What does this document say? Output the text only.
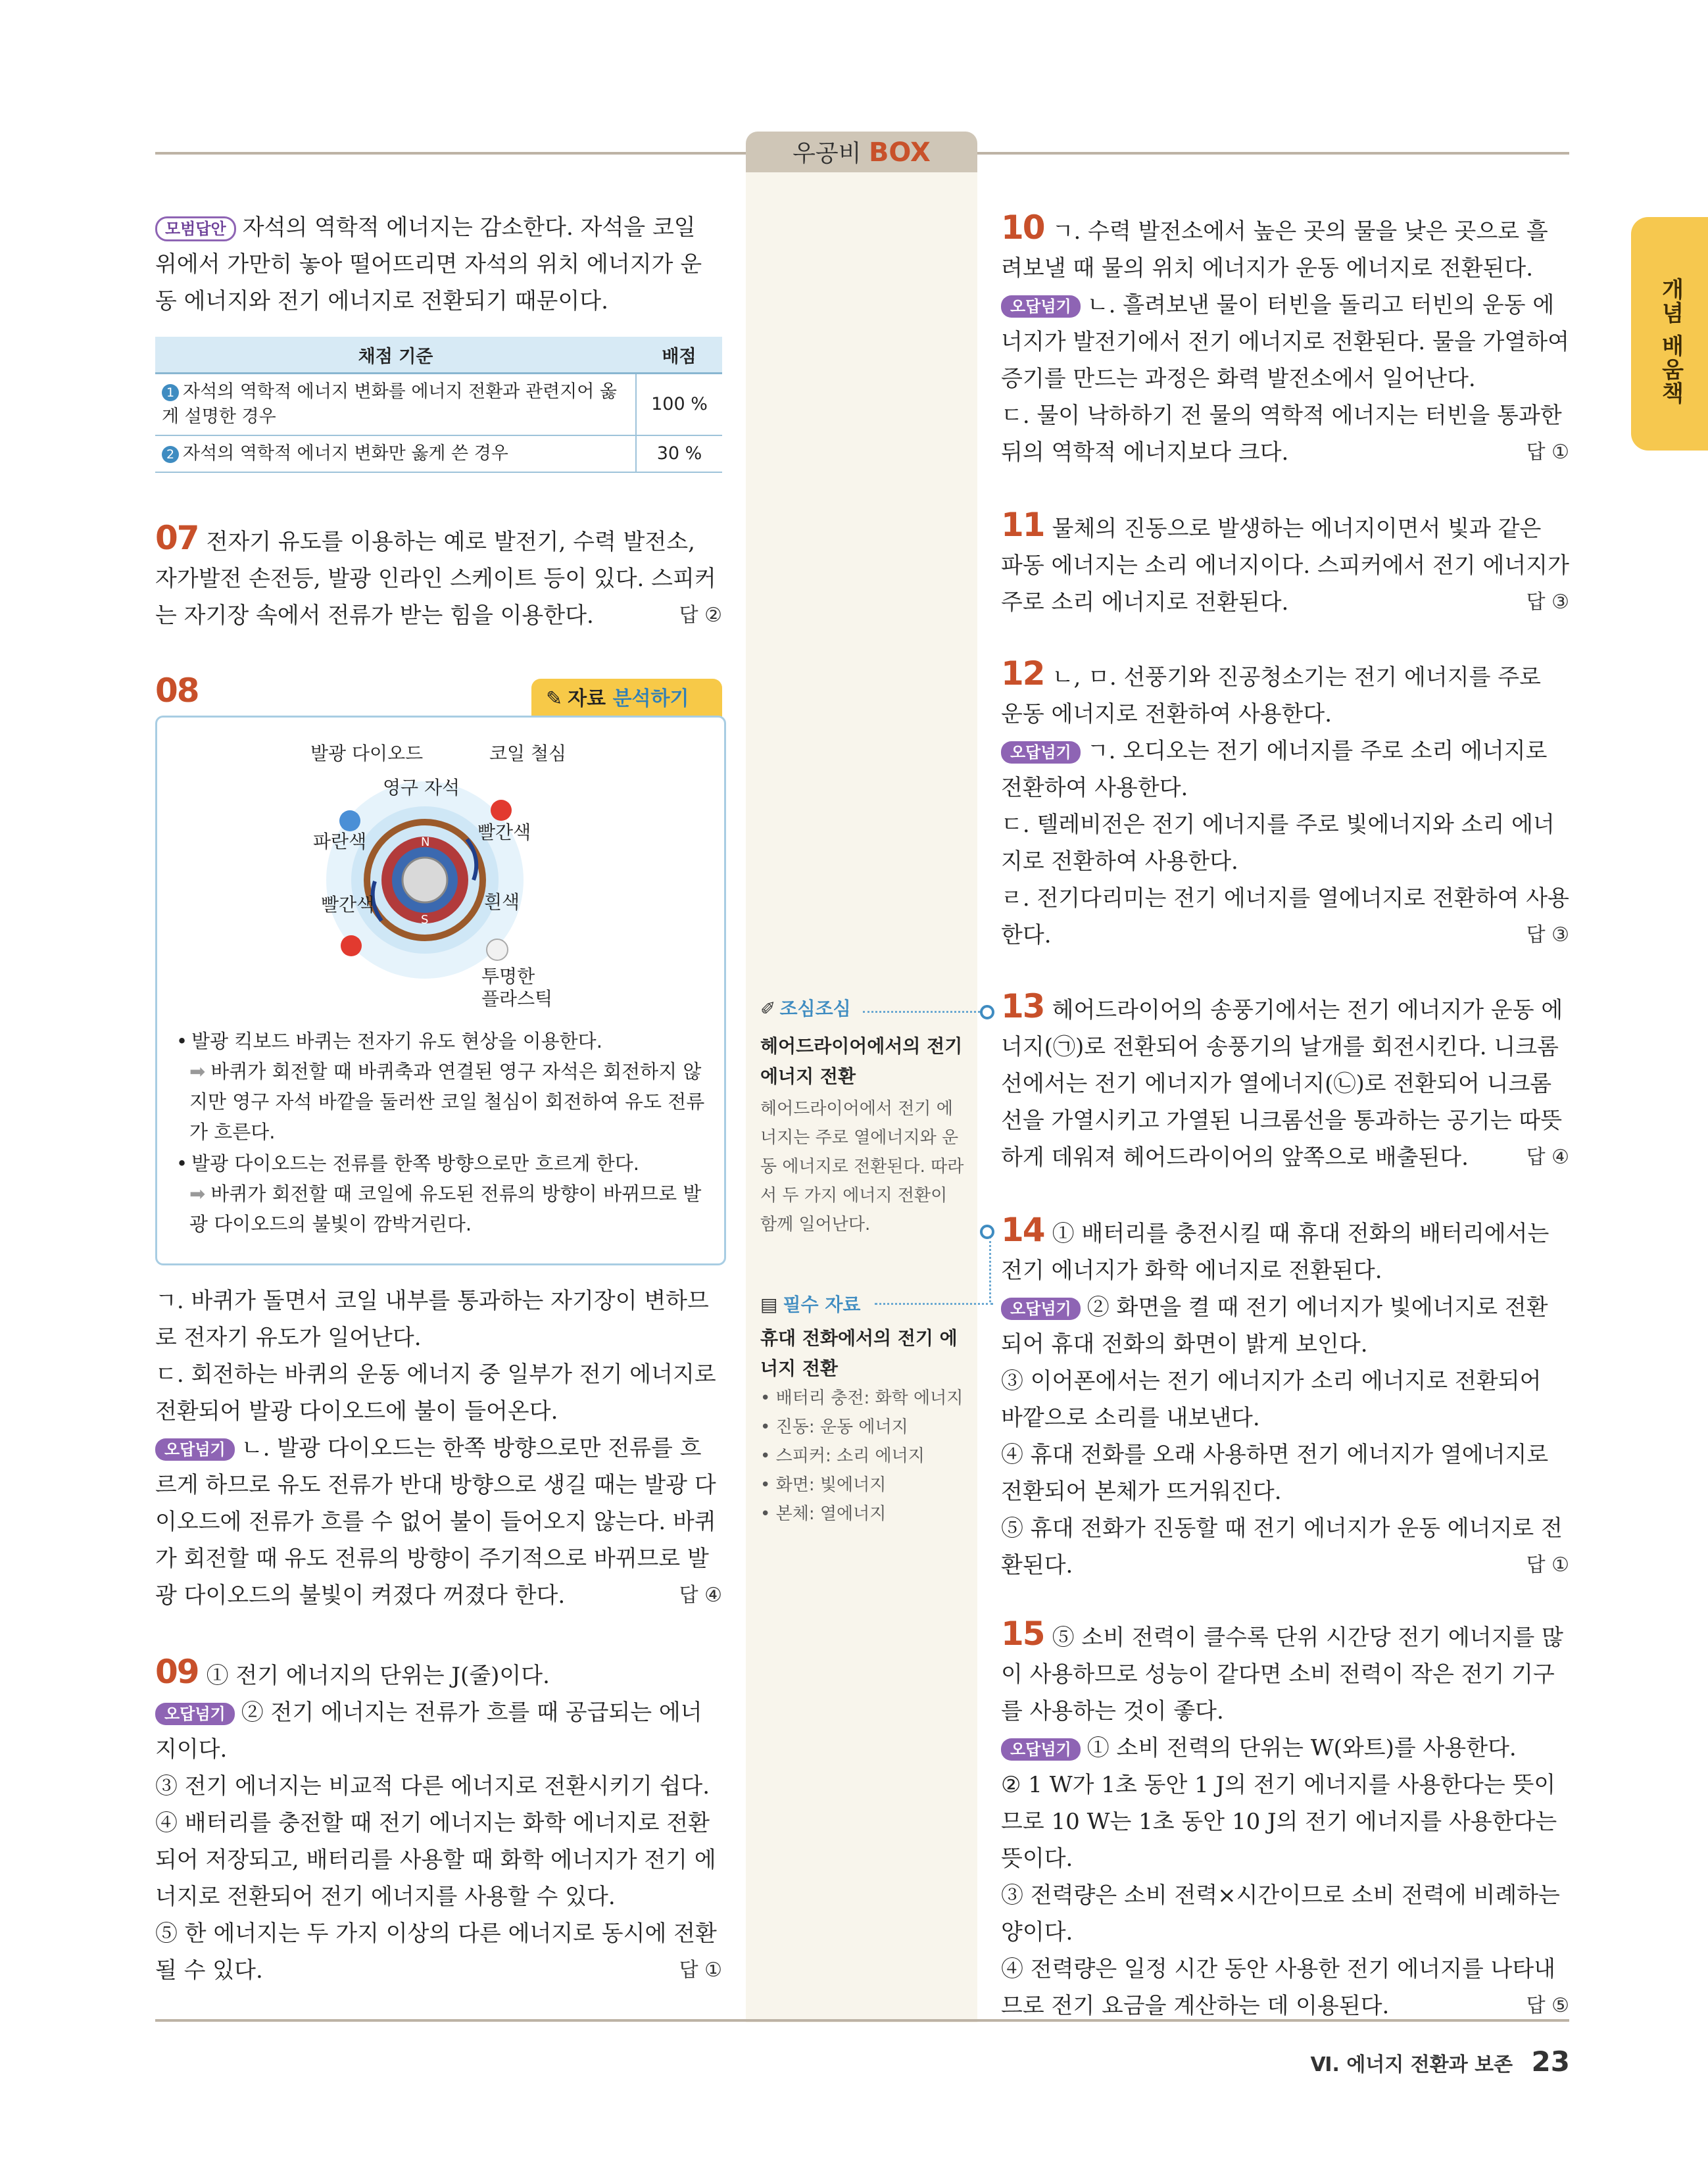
우공비 BOX
개념 배움책
모범답안 자석의 역학적 에너지는 감소한다. 자석을 코일 위에서 가만히 놓아 떨어뜨리면 자석의 위치 에너지가 운동 에너지와 전기 에너지로 전환되기 때문이다.
채점 기준	배점
1 자석의 역학적 에너지 변화를 에너지 전환과 관련지어 옳게 설명한 경우	100 %
2 자석의 역학적 에너지 변화만 옳게 쓴 경우	30 %
07 전자기 유도를 이용하는 예로 발전기, 수력 발전소, 자가발전 손전등, 발광 인라인 스케이트 등이 있다. 스피커는 자기장 속에서 전류가 받는 힘을 이용한다.	답 ②
08	✎ 자료 분석하기
N
S
발광 다이오드	코일 철심
영구 자석
파란색	빨간색
빨간색	흰색
투명한
플라스틱
• 발광 킥보드 바퀴는 전자기 유도 현상을 이용한다.
➡ 바퀴가 회전할 때 바퀴축과 연결된 영구 자석은 회전하지 않지만 영구 자석 바깥을 둘러싼 코일 철심이 회전하여 유도 전류가 흐른다.
• 발광 다이오드는 전류를 한쪽 방향으로만 흐르게 한다.
➡ 바퀴가 회전할 때 코일에 유도된 전류의 방향이 바뀌므로 발광 다이오드의 불빛이 깜박거린다.
ㄱ. 바퀴가 돌면서 코일 내부를 통과하는 자기장이 변하므로 전자기 유도가 일어난다.
ㄷ. 회전하는 바퀴의 운동 에너지 중 일부가 전기 에너지로 전환되어 발광 다이오드에 불이 들어온다.
오답넘기 ㄴ. 발광 다이오드는 한쪽 방향으로만 전류를 흐르게 하므로 유도 전류가 반대 방향으로 생길 때는 발광 다이오드에 전류가 흐를 수 없어 불이 들어오지 않는다. 바퀴가 회전할 때 유도 전류의 방향이 주기적으로 바뀌므로 발광 다이오드의 불빛이 켜졌다 꺼졌다 한다.	답 ④
09 ① 전기 에너지의 단위는 J(줄)이다.
오답넘기 ② 전기 에너지는 전류가 흐를 때 공급되는 에너지이다.
③ 전기 에너지는 비교적 다른 에너지로 전환시키기 쉽다.
④ 배터리를 충전할 때 전기 에너지는 화학 에너지로 전환되어 저장되고, 배터리를 사용할 때 화학 에너지가 전기 에너지로 전환되어 전기 에너지를 사용할 수 있다.
⑤ 한 에너지는 두 가지 이상의 다른 에너지로 동시에 전환될 수 있다.	답 ①
✐ 조심조심
헤어드라이어에서의 전기 에너지 전환
헤어드라이어에서 전기 에너지는 주로 열에너지와 운동 에너지로 전환된다. 따라서 두 가지 에너지 전환이 함께 일어난다.
▤ 필수 자료
휴대 전화에서의 전기 에너지 전환
• 배터리 충전: 화학 에너지
• 진동: 운동 에너지
• 스피커: 소리 에너지
• 화면: 빛에너지
• 본체: 열에너지
10 ㄱ. 수력 발전소에서 높은 곳의 물을 낮은 곳으로 흘려보낼 때 물의 위치 에너지가 운동 에너지로 전환된다.
오답넘기 ㄴ. 흘려보낸 물이 터빈을 돌리고 터빈의 운동 에너지가 발전기에서 전기 에너지로 전환된다. 물을 가열하여 증기를 만드는 과정은 화력 발전소에서 일어난다.
ㄷ. 물이 낙하하기 전 물의 역학적 에너지는 터빈을 통과한 뒤의 역학적 에너지보다 크다.	답 ①
11 물체의 진동으로 발생하는 에너지이면서 빛과 같은 파동 에너지는 소리 에너지이다. 스피커에서 전기 에너지가 주로 소리 에너지로 전환된다.	답 ③
12 ㄴ, ㅁ. 선풍기와 진공청소기는 전기 에너지를 주로 운동 에너지로 전환하여 사용한다.
오답넘기 ㄱ. 오디오는 전기 에너지를 주로 소리 에너지로 전환하여 사용한다.
ㄷ. 텔레비전은 전기 에너지를 주로 빛에너지와 소리 에너지로 전환하여 사용한다.
ㄹ. 전기다리미는 전기 에너지를 열에너지로 전환하여 사용한다.	답 ③
13 헤어드라이어의 송풍기에서는 전기 에너지가 운동 에너지(㉠)로 전환되어 송풍기의 날개를 회전시킨다. 니크롬선에서는 전기 에너지가 열에너지(㉡)로 전환되어 니크롬선을 가열시키고 가열된 니크롬선을 통과하는 공기는 따뜻하게 데워져 헤어드라이어의 앞쪽으로 배출된다.	답 ④
14 ① 배터리를 충전시킬 때 휴대 전화의 배터리에서는 전기 에너지가 화학 에너지로 전환된다.
오답넘기 ② 화면을 켤 때 전기 에너지가 빛에너지로 전환되어 휴대 전화의 화면이 밝게 보인다.
③ 이어폰에서는 전기 에너지가 소리 에너지로 전환되어 바깥으로 소리를 내보낸다.
④ 휴대 전화를 오래 사용하면 전기 에너지가 열에너지로 전환되어 본체가 뜨거워진다.
⑤ 휴대 전화가 진동할 때 전기 에너지가 운동 에너지로 전환된다.	답 ①
15 ⑤ 소비 전력이 클수록 단위 시간당 전기 에너지를 많이 사용하므로 성능이 같다면 소비 전력이 작은 전기 기구를 사용하는 것이 좋다.
오답넘기 ① 소비 전력의 단위는 W(와트)를 사용한다.
② 1 W가 1초 동안 1 J의 전기 에너지를 사용한다는 뜻이므로 10 W는 1초 동안 10 J의 전기 에너지를 사용한다는 뜻이다.
③ 전력량은 소비 전력×시간이므로 소비 전력에 비례하는 양이다.
④ 전력량은 일정 시간 동안 사용한 전기 에너지를 나타내므로 전기 요금을 계산하는 데 이용된다.	답 ⑤
Ⅵ. 에너지 전환과 보존 23
